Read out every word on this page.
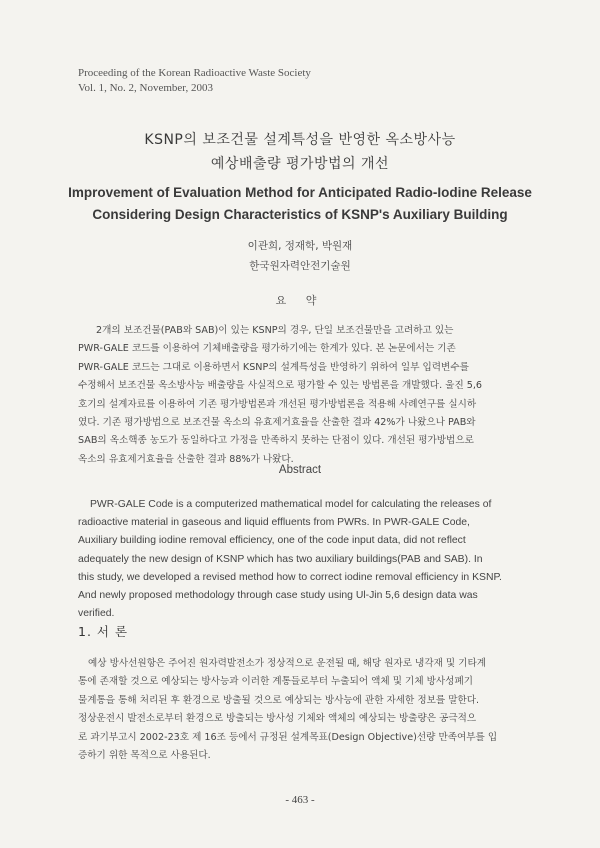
Proceeding of the Korean Radioactive Waste Society
Vol. 1, No. 2, November, 2003
KSNP의 보조건물 설계특성을 반영한 옥소방사능
예상배출량 평가방법의 개선
Improvement of Evaluation Method for Anticipated Radio-Iodine Release
Considering Design Characteristics of KSNP's Auxiliary Building
이관희, 정재학, 박원재
한국원자력안전기술원
요 약
2개의 보조건물(PAB와 SAB)이 있는 KSNP의 경우, 단일 보조건물만을 고려하고 있는
PWR-GALE 코드를 이용하여 기체배출량을 평가하기에는 한계가 있다. 본 논문에서는 기존
PWR-GALE 코드는 그대로 이용하면서 KSNP의 설계특성을 반영하기 위하여 일부 입력변수를
수정해서 보조건물 옥소방사능 배출량을 사실적으로 평가할 수 있는 방법론을 개발했다. 울진 5,6
호기의 설계자료를 이용하여 기존 평가방법론과 개선된 평가방법론을 적용해 사례연구를 실시하
였다. 기존 평가방법으로 보조건물 옥소의 유효제거효율을 산출한 결과 42%가 나왔으나 PAB와
SAB의 옥소핵종 농도가 동일하다고 가정을 만족하지 못하는 단점이 있다. 개선된 평가방법으로
옥소의 유효제거효율을 산출한 결과 88%가 나왔다.
Abstract
PWR-GALE Code is a computerized mathematical model for calculating the releases of
radioactive material in gaseous and liquid effluents from PWRs. In PWR-GALE Code,
Auxiliary building iodine removal efficiency, one of the code input data, did not reflect
adequately the new design of KSNP which has two auxiliary buildings(PAB and SAB). In
this study, we developed a revised method how to correct iodine removal efficiency in KSNP.
And newly proposed methodology through case study using Ul-Jin 5,6 design data was
verified.
1. 서 론
예상 방사선원항은 주어진 원자력발전소가 정상적으로 운전될 때, 해당 원자로 냉각재 및 기타계
통에 존재할 것으로 예상되는 방사능과 이러한 계통들로부터 누출되어 액체 및 기체 방사성폐기
물계통을 통해 처리된 후 환경으로 방출될 것으로 예상되는 방사능에 관한 자세한 정보를 말한다.
정상운전시 발전소로부터 환경으로 방출되는 방사성 기체와 액체의 예상되는 방출량은 공극적으
로 과기부고시 2002-23호 제 16조 등에서 규정된 설계목표(Design Objective)선량 만족여부를 입
증하기 위한 목적으로 사용된다.
- 463 -
